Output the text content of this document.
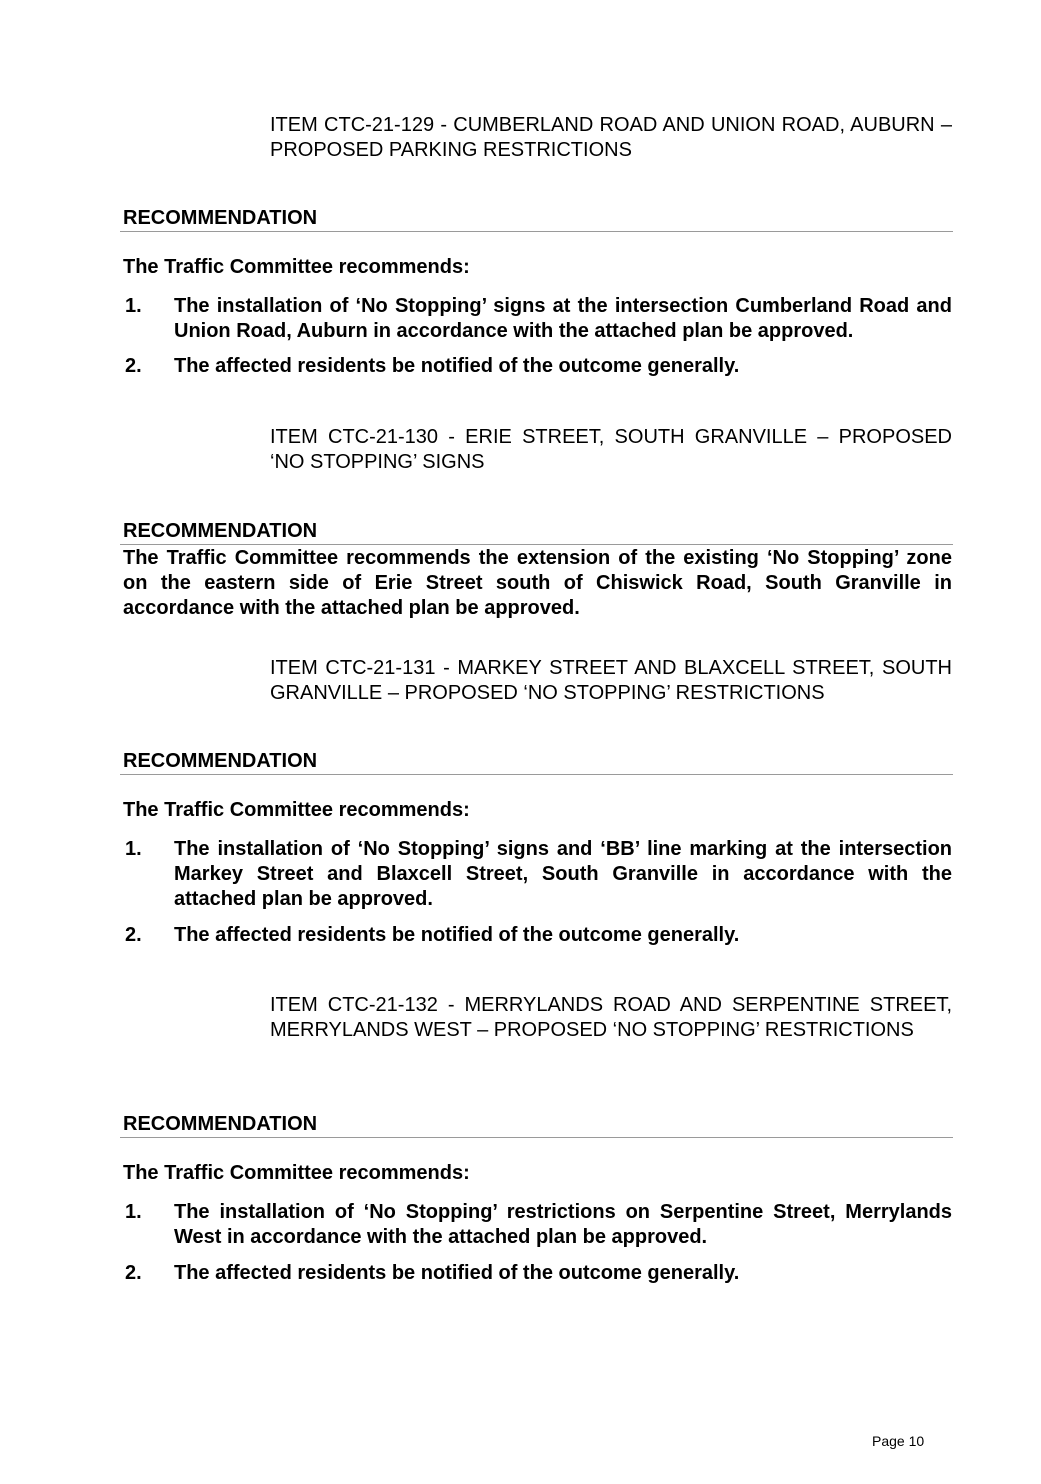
ITEM CTC-21-129 - CUMBERLAND ROAD AND UNION ROAD, AUBURN – PROPOSED PARKING RESTRICTIONS
RECOMMENDATION
The Traffic Committee recommends:
1. The installation of ‘No Stopping’ signs at the intersection Cumberland Road and Union Road, Auburn in accordance with the attached plan be approved.
2. The affected residents be notified of the outcome generally.
ITEM CTC-21-130 - ERIE STREET, SOUTH GRANVILLE – PROPOSED ‘NO STOPPING’ SIGNS
RECOMMENDATION
The Traffic Committee recommends the extension of the existing ‘No Stopping’ zone on the eastern side of Erie Street south of Chiswick Road, South Granville in accordance with the attached plan be approved.
ITEM CTC-21-131 - MARKEY STREET AND BLAXCELL STREET, SOUTH GRANVILLE – PROPOSED ‘NO STOPPING’ RESTRICTIONS
RECOMMENDATION
The Traffic Committee recommends:
1. The installation of ‘No Stopping’ signs and ‘BB’ line marking at the intersection Markey Street and Blaxcell Street, South Granville in accordance with the attached plan be approved.
2. The affected residents be notified of the outcome generally.
ITEM CTC-21-132 - MERRYLANDS ROAD AND SERPENTINE STREET, MERRYLANDS WEST – PROPOSED ‘NO STOPPING’ RESTRICTIONS
RECOMMENDATION
The Traffic Committee recommends:
1. The installation of ‘No Stopping’ restrictions on Serpentine Street, Merrylands West in accordance with the attached plan be approved.
2. The affected residents be notified of the outcome generally.
Page 10
